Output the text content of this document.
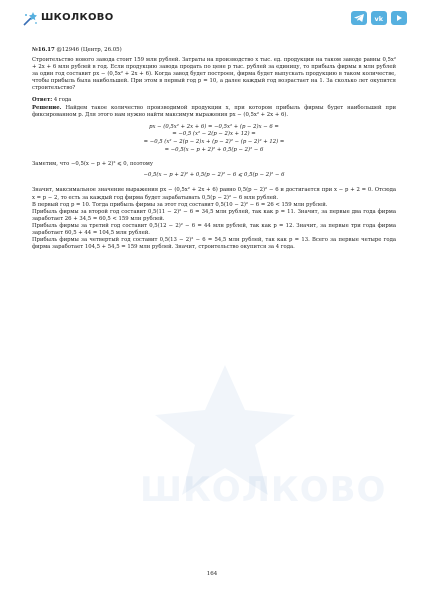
ШКОЛКОВО	vk

№16.17 @12946 (Центр, 26.05)

Строительство нового завода стоит 159 млн рублей. Затраты на производство x тыс. ед. продукции на таком заводе равны 0,5x² + 2x + 6 млн рублей в год. Если продукцию завода продать по цене p тыс. рублей за единицу, то прибыль фирмы в млн рублей за один год составит px − (0,5x² + 2x + 6). Когда завод будет построен, фирма будет выпускать продукцию в таком количестве, чтобы прибыль была наибольшей. При этом в первый год p = 10, а далее каждый год возрастает на 1. За сколько лет окупится строительство?

Ответ: 4 года

Решение. Найдем такое количество производимой продукции x, при котором прибыль фирмы будет наибольшей при фиксированном p. Для этого нам нужно найти максимум выражения px − (0,5x² + 2x + 6).

px − (0,5x² + 2x + 6) = −0,5x² + (p − 2)x − 6 =

= −0,5 (x² − 2(p − 2)x + 12) =

= −0,5 (x² − 2(p − 2)x + (p − 2)² − (p − 2)² + 12) =

= −0,5(x − p + 2)² + 0,5(p − 2)² − 6

Заметим, что −0,5(x − p + 2)² ⩽ 0, поэтому

−0,5(x − p + 2)² + 0,5(p − 2)² − 6 ⩽ 0,5(p − 2)² − 6

Значит, максимальное значение выражения px − (0,5x² + 2x + 6) равно 0,5(p − 2)² − 6 и достигается при x − p + 2 = 0. Отсюда x = p − 2, то есть за каждый год фирма будет зарабатывать 0,5(p − 2)² − 6 млн рублей.

В первый год p = 10. Тогда прибыль фирмы за этот год составит 0,5(10 − 2)² − 6 = 26 < 159 млн рублей.

Прибыль фирмы за второй год составит 0,5(11 − 2)² − 6 = 34,5 млн рублей, так как p = 11. Значит, за первые два года фирма заработает 26 + 34,5 = 60,5 < 159 млн рублей.

Прибыль фирмы за третий год составит 0,5(12 − 2)² − 6 = 44 млн рублей, так как p = 12. Значит, за первые три года фирма заработает 60,5 + 44 = 104,5 млн рублей.

Прибыль фирмы за четвертый год составит 0,5(13 − 2)² − 6 = 54,5 млн рублей, так как p = 13. Всего за первые четыре года фирма заработает 104,5 + 54,5 = 159 млн рублей. Значит, строительство окупится за 4 года.

ШКОЛКОВО
164
